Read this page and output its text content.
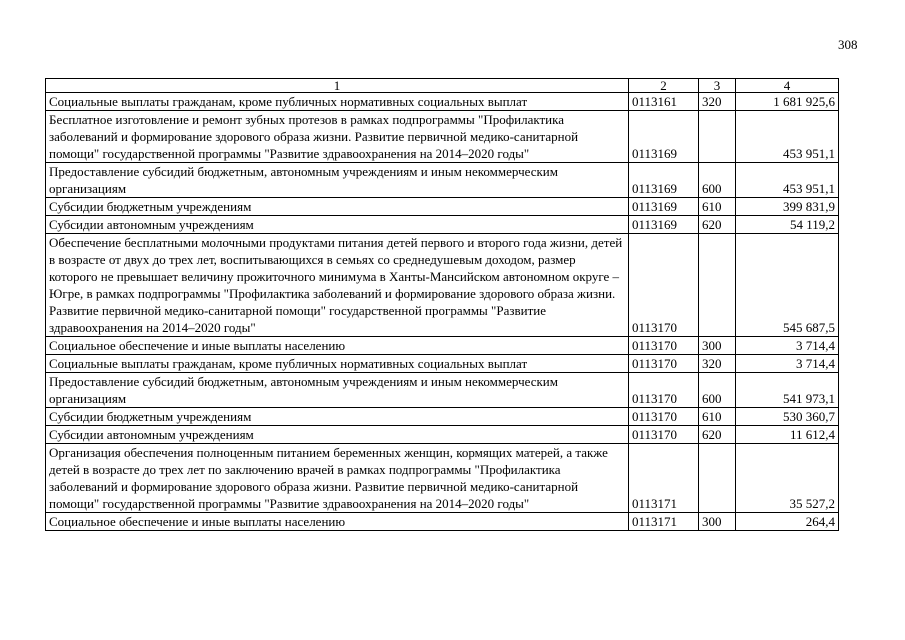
308
1	2	3	4
Социальные выплаты гражданам, кроме публичных нормативных социальных выплат	0113161	320	1 681 925,6
Бесплатное изготовление и ремонт зубных протезов в рамках подпрограммы "Профилактика заболеваний и формирование здорового образа жизни. Развитие первичной медико-санитарной помощи" государственной программы "Развитие здравоохранения на 2014–2020 годы"	0113169		453 951,1
Предоставление субсидий бюджетным, автономным учреждениям и иным некоммерческим организациям	0113169	600	453 951,1
Субсидии бюджетным учреждениям	0113169	610	399 831,9
Субсидии автономным учреждениям	0113169	620	54 119,2
Обеспечение бесплатными молочными продуктами питания детей первого и второго года жизни, детей в возрасте от двух до трех лет, воспитывающихся в семьях со среднедушевым доходом, размер которого не превышает величину прожиточного минимума в Ханты-Мансийском автономном округе – Югре, в рамках подпрограммы "Профилактика заболеваний и формирование здорового образа жизни. Развитие первичной медико-санитарной помощи" государственной программы "Развитие здравоохранения на 2014–2020 годы"	0113170		545 687,5
Социальное обеспечение и иные выплаты населению	0113170	300	3 714,4
Социальные выплаты гражданам, кроме публичных нормативных социальных выплат	0113170	320	3 714,4
Предоставление субсидий бюджетным, автономным учреждениям и иным некоммерческим организациям	0113170	600	541 973,1
Субсидии бюджетным учреждениям	0113170	610	530 360,7
Субсидии автономным учреждениям	0113170	620	11 612,4
Организация обеспечения полноценным питанием беременных женщин, кормящих матерей, а также детей в возрасте до трех лет по заключению врачей в рамках подпрограммы "Профилактика заболеваний и формирование здорового образа жизни. Развитие первичной медико-санитарной помощи" государственной программы "Развитие здравоохранения на 2014–2020 годы"	0113171		35 527,2
Социальное обеспечение и иные выплаты населению	0113171	300	264,4
